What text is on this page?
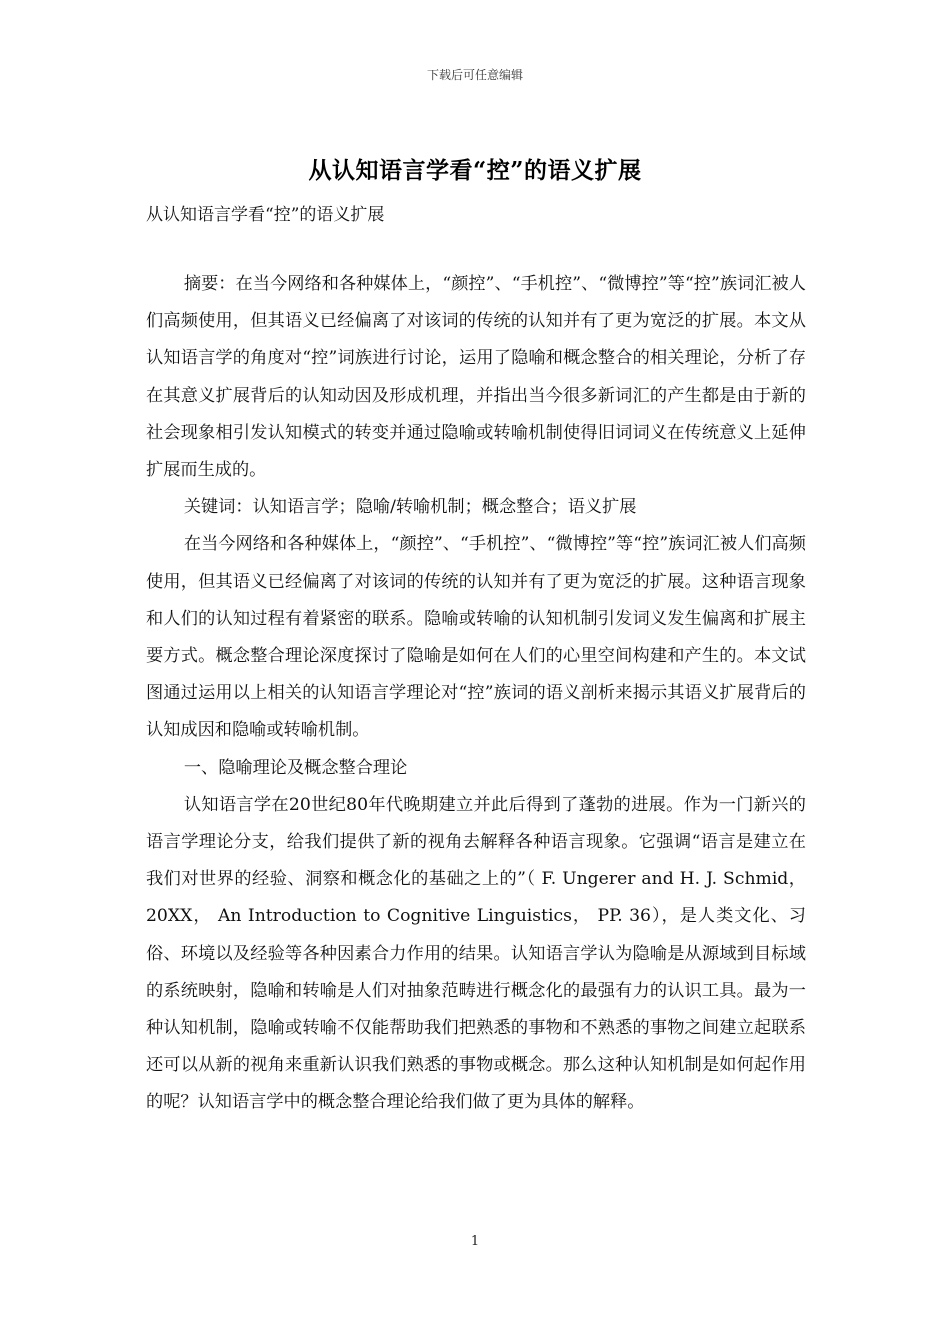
下载后可任意编辑
从认知语言学看“控”的语义扩展
从认知语言学看“控”的语义扩展

摘要：在当今网络和各种媒体上，“颜控”、“手机控”、“微博控”等“控”族词汇被人们高频使用，但其语义已经偏离了对该词的传统的认知并有了更为宽泛的扩展。本文从认知语言学的角度对“控”词族进行讨论，运用了隐喻和概念整合的相关理论，分析了存在其意义扩展背后的认知动因及形成机理，并指出当今很多新词汇的产生都是由于新的社会现象相引发认知模式的转变并通过隐喻或转喻机制使得旧词词义在传统意义上延伸扩展而生成的。

关键词：认知语言学；隐喻/转喻机制；概念整合；语义扩展

在当今网络和各种媒体上，“颜控”、“手机控”、“微博控”等“控”族词汇被人们高频使用，但其语义已经偏离了对该词的传统的认知并有了更为宽泛的扩展。这种语言现象和人们的认知过程有着紧密的联系。隐喻或转喻的认知机制引发词义发生偏离和扩展主要方式。概念整合理论深度探讨了隐喻是如何在人们的心里空间构建和产生的。本文试图通过运用以上相关的认知语言学理论对“控”族词的语义剖析来揭示其语义扩展背后的认知成因和隐喻或转喻机制。

一、隐喻理论及概念整合理论

认知语言学在20世纪80年代晚期建立并此后得到了蓬勃的进展。作为一门新兴的语言学理论分支，给我们提供了新的视角去解释各种语言现象。它强调“语言是建立在我们对世界的经验、洞察和概念化的基础之上的”（ F. Ungerer and H. J. Schmid， 20XX， An Introduction to Cognitive Linguistics， PP. 36），是人类文化、习俗、环境以及经验等各种因素合力作用的结果。认知语言学认为隐喻是从源域到目标域的系统映射，隐喻和转喻是人们对抽象范畴进行概念化的最强有力的认识工具。最为一种认知机制，隐喻或转喻不仅能帮助我们把熟悉的事物和不熟悉的事物之间建立起联系还可以从新的视角来重新认识我们熟悉的事物或概念。那么这种认知机制是如何起作用的呢？认知语言学中的概念整合理论给我们做了更为具体的解释。

1
